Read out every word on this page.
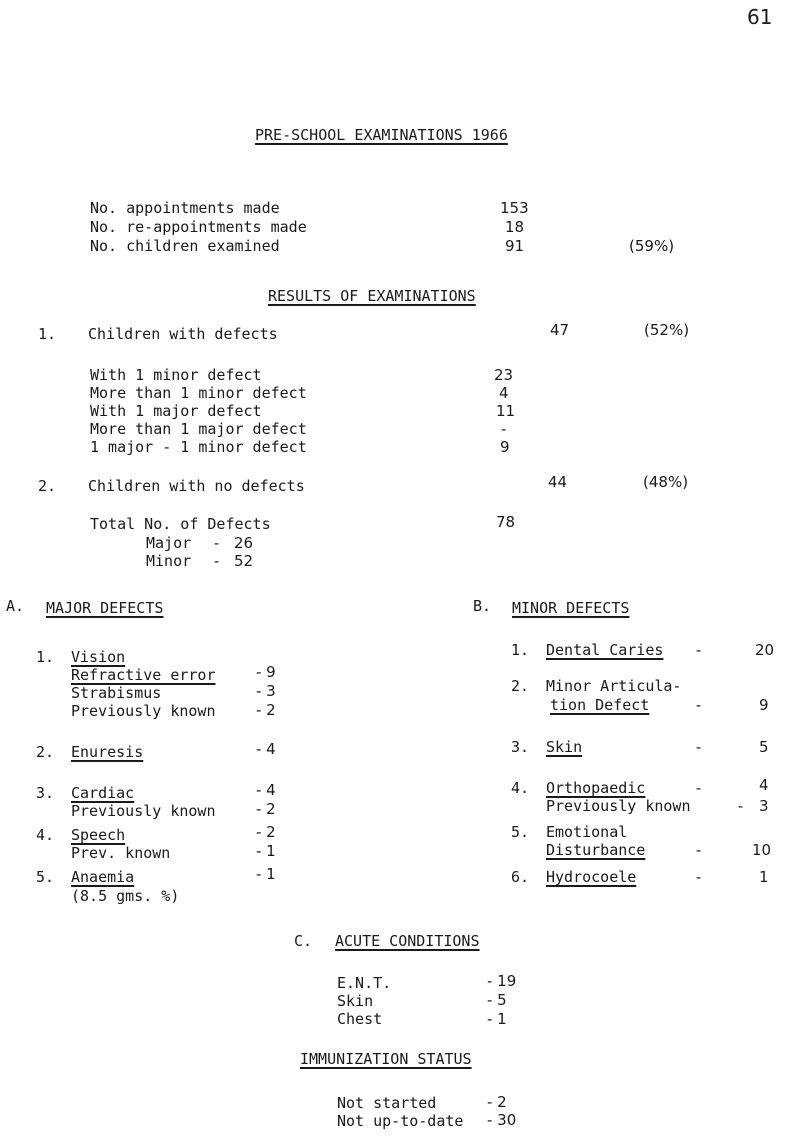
61
PRE-SCHOOL EXAMINATIONS 1966
No. appointments made	153
No. re-appointments made	18
No. children examined	91	(59%)
RESULTS OF EXAMINATIONS
1. Children with defects	47	(52%)
With 1 minor defect	23
More than 1 minor defect	4
With 1 major defect	11
More than 1 major defect	-
1 major - 1 minor defect	9
2. Children with no defects	44	(48%)
Total No. of Defects	78
Major	26
Minor	52
-
-
A. MAJOR DEFECTS
1. Vision
Refractive error	- 9
Strabismus	- 3
Previously known	- 2
2. Enuresis	- 4
3. Cardiac	- 4
Previously known	- 2
4. Speech	- 2
Prev. known	- 1
5. Anaemia	- 1
(8.5 gms. %)
B. MINOR DEFECTS
1. Dental Caries -	20
2. Minor Articula-
tion Defect	-	9
3. Skin	-	5
4. Orthopaedic	-	4
Previously known	- 3
5. Emotional
Disturbance	-	10
6. Hydrocoele	-	1
C. ACUTE CONDITIONS
E.N.T.	- 19
Skin	- 5
Chest	- 1
IMMUNIZATION STATUS
Not started	- 2
Not up-to-date - 30
